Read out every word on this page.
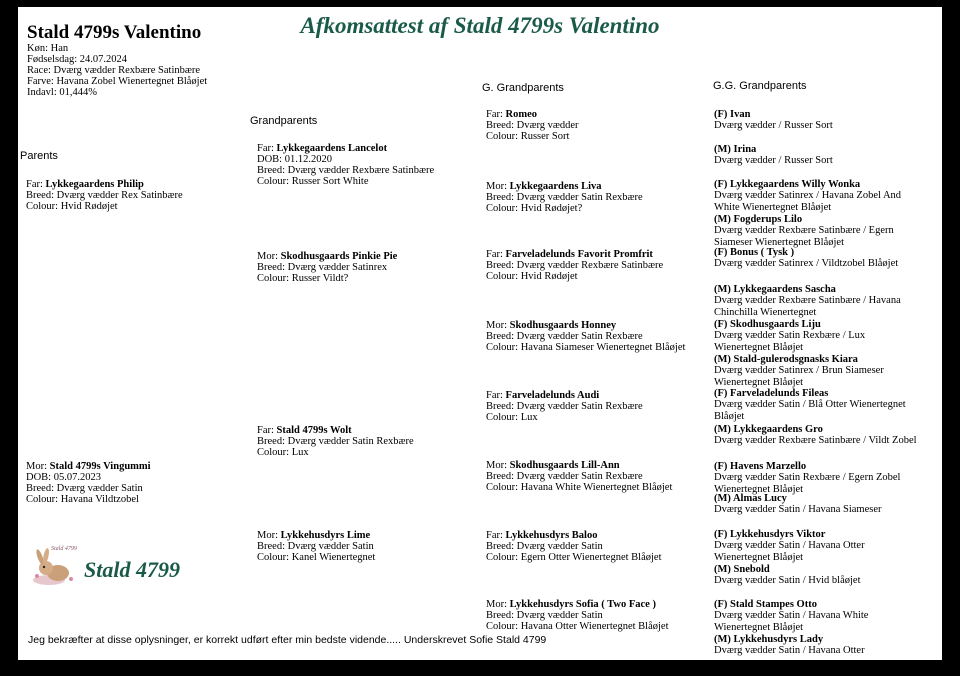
Afkomsattest af Stald 4799s Valentino
Stald 4799s Valentino
Køn: Han
Fødselsdag: 24.07.2024
Race: Dværg vædder Rexbære Satinbære
Farve: Havana Zobel Wienertegnet Blåøjet
Indavl: 01,444%
Parents
Grandparents
G. Grandparents	G.G. Grandparents
Far: Lykkegaardens Philip
Breed: Dværg vædder Rex Satinbære
Colour: Hvid Rødøjet
Mor: Stald 4799s Vingummi
DOB: 05.07.2023
Breed: Dværg vædder Satin
Colour: Havana Vildtzobel
Far: Lykkegaardens Lancelot
DOB: 01.12.2020
Breed: Dværg vædder Rexbære Satinbære
Colour: Russer Sort White
Mor: Skodhusgaards Pinkie Pie
Breed: Dværg vædder Satinrex
Colour: Russer Vildt?
Far: Stald 4799s Wolt
Breed: Dværg vædder Satin Rexbære
Colour: Lux
Mor: Lykkehusdyrs Lime
Breed: Dværg vædder Satin
Colour: Kanel Wienertegnet
Far: Romeo
Breed: Dværg vædder
Colour: Russer Sort
Mor: Lykkegaardens Liva
Breed: Dværg vædder Satin Rexbære
Colour: Hvid Rødøjet?
Far: Farveladelunds Favorit Promfrit
Breed: Dværg vædder Rexbære Satinbære
Colour: Hvid Rødøjet
Mor: Skodhusgaards Honney
Breed: Dværg vædder Satin Rexbære
Colour: Havana Siameser Wienertegnet Blåøjet
Far: Farveladelunds Audi
Breed: Dværg vædder Satin Rexbære
Colour: Lux
Mor: Skodhusgaards Lill-Ann
Breed: Dværg vædder Satin Rexbære
Colour: Havana White Wienertegnet Blåøjet
Far: Lykkehusdyrs Baloo
Breed: Dværg vædder Satin
Colour: Egern Otter Wienertegnet Blåøjet
Mor: Lykkehusdyrs Sofia ( Two Face )
Breed: Dværg vædder Satin
Colour: Havana Otter Wienertegnet Blåøjet
(F) Ivan
Dværg vædder / Russer Sort
(M) Irina
Dværg vædder / Russer Sort
(F) Lykkegaardens Willy Wonka
Dværg vædder Satinrex / Havana Zobel And
White Wienertegnet Blåøjet
(M) Fogderups Lilo
Dværg vædder Rexbære Satinbære / Egern
Siameser Wienertegnet Blåøjet
(F) Bonus ( Tysk )
Dværg vædder Satinrex / Vildtzobel Blåøjet
(M) Lykkegaardens Sascha
Dværg vædder Rexbære Satinbære / Havana
Chinchilla Wienertegnet
(F) Skodhusgaards Liju
Dværg vædder Satin Rexbære / Lux
Wienertegnet Blåøjet
(M) Stald-gulerodsgnasks Kiara
Dværg vædder Satinrex / Brun Siameser
Wienertegnet Blåøjet
(F) Farveladelunds Fileas
Dværg vædder Satin / Blå Otter Wienertegnet
Blåøjet
(M) Lykkegaardens Gro
Dværg vædder Rexbære Satinbære / Vildt Zobel
(F) Havens Marzello
Dværg vædder Satin Rexbære / Egern Zobel
Wienertegnet Blåøjet
(M) Almas Lucy
Dværg vædder Satin / Havana Siameser
(F) Lykkehusdyrs Viktor
Dværg vædder Satin / Havana Otter
Wienertegnet Blåøjet
(M) Snebold
Dværg vædder Satin / Hvid blåøjet
(F) Stald Stampes Otto
Dværg vædder Satin / Havana White
Wienertegnet Blåøjet
(M) Lykkehusdyrs Lady
Dværg vædder Satin / Havana Otter
Stald 4799
Stald 4799
Jeg bekræfter at disse oplysninger, er korrekt udført efter min bedste vidende..... Underskrevet Sofie Stald 4799
